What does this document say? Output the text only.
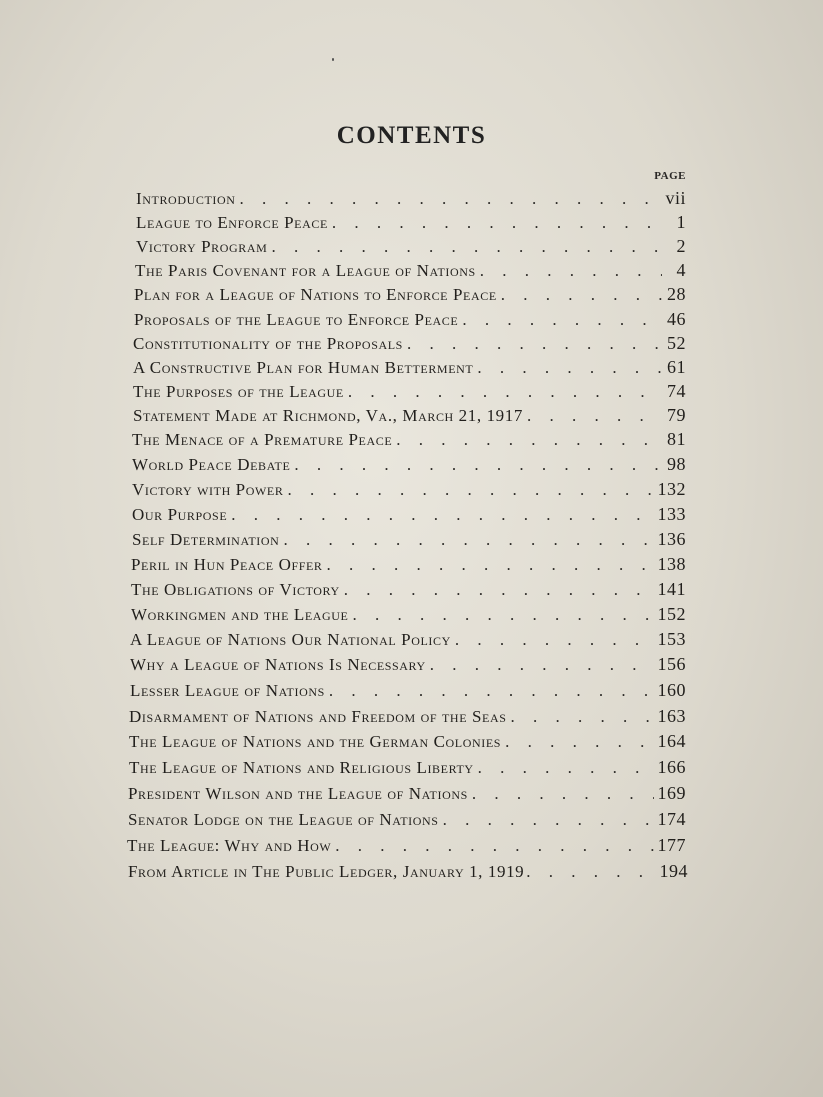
CONTENTS
PAGE
Introduction . . .	vii
League to Enforce Peace . . .	1
Victory Program . . .	2
The Paris Covenant for a League of Nations . . .	4
Plan for a League of Nations to Enforce Peace . . .	28
Proposals of the League to Enforce Peace . . .	46
Constitutionality of the Proposals . . .	52
A Constructive Plan for Human Betterment . . .	61
The Purposes of the League . . .	74
Statement Made at Richmond, Va., March 21, 1917 . . .	79
The Menace of a Premature Peace . . .	81
World Peace Debate . . .	98
Victory with Power . . .	132
Our Purpose . . .	133
Self Determination . . .	136
Peril in Hun Peace Offer . . .	138
The Obligations of Victory . . .	141
Workingmen and the League . . .	152
A League of Nations Our National Policy . . .	153
Why a League of Nations Is Necessary . . .	156
Lesser League of Nations . . .	160
Disarmament of Nations and Freedom of the Seas . . .	163
The League of Nations and the German Colonies . . .	164
The League of Nations and Religious Liberty . . .	166
President Wilson and the League of Nations . . .	169
Senator Lodge on the League of Nations . . .	174
The League: Why and How . . .	177
From Article in The Public Ledger, January 1, 1919 . . .	194
